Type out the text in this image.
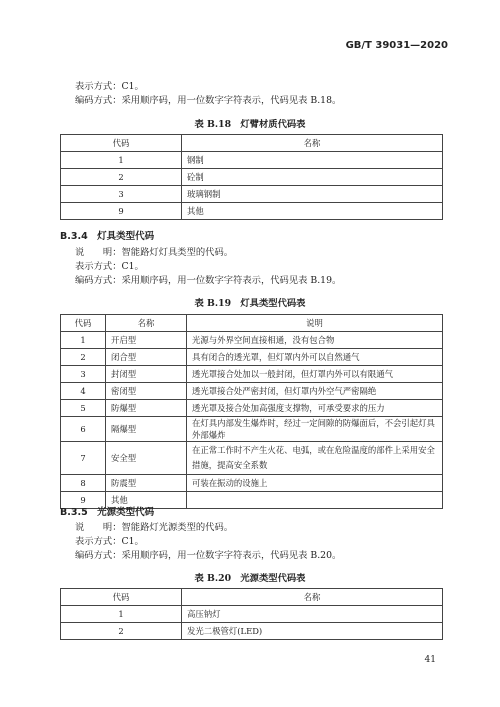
GB/T 39031—2020
表示方式：C1。
编码方式：采用顺序码，用一位数字字符表示，代码见表 B.18。
表 B.18　灯臂材质代码表
代码	名称
1	钢制
2	砼制
3	玻璃钢制
9	其他
B.3.4　灯具类型代码
说　　明：智能路灯灯具类型的代码。
表示方式：C1。
编码方式：采用顺序码，用一位数字字符表示，代码见表 B.19。
表 B.19　灯具类型代码表
代码	名称	说明
1	开启型	光源与外界空间直接相通，没有包合物
2	闭合型	具有闭合的透光罩，但灯罩内外可以自然通气
3	封闭型	透光罩接合处加以一般封闭，但灯罩内外可以有限通气
4	密闭型	透光罩接合处严密封闭，但灯罩内外空气严密隔绝
5	防爆型	透光罩及接合处加高强度支撑物，可承受要求的压力
6	隔爆型	在灯具内部发生爆炸时，经过一定间隙的防爆面后，不会引起灯具外部爆炸
7	安全型	在正常工作时不产生火花、电弧，或在危险温度的部件上采用安全措施，提高安全系数
8	防震型	可装在振动的设施上
9	其他	
B.3.5　光源类型代码
说　　明：智能路灯光源类型的代码。
表示方式：C1。
编码方式：采用顺序码，用一位数字字符表示，代码见表 B.20。
表 B.20　光源类型代码表
代码	名称
1	高压钠灯
2	发光二极管灯(LED)
41
